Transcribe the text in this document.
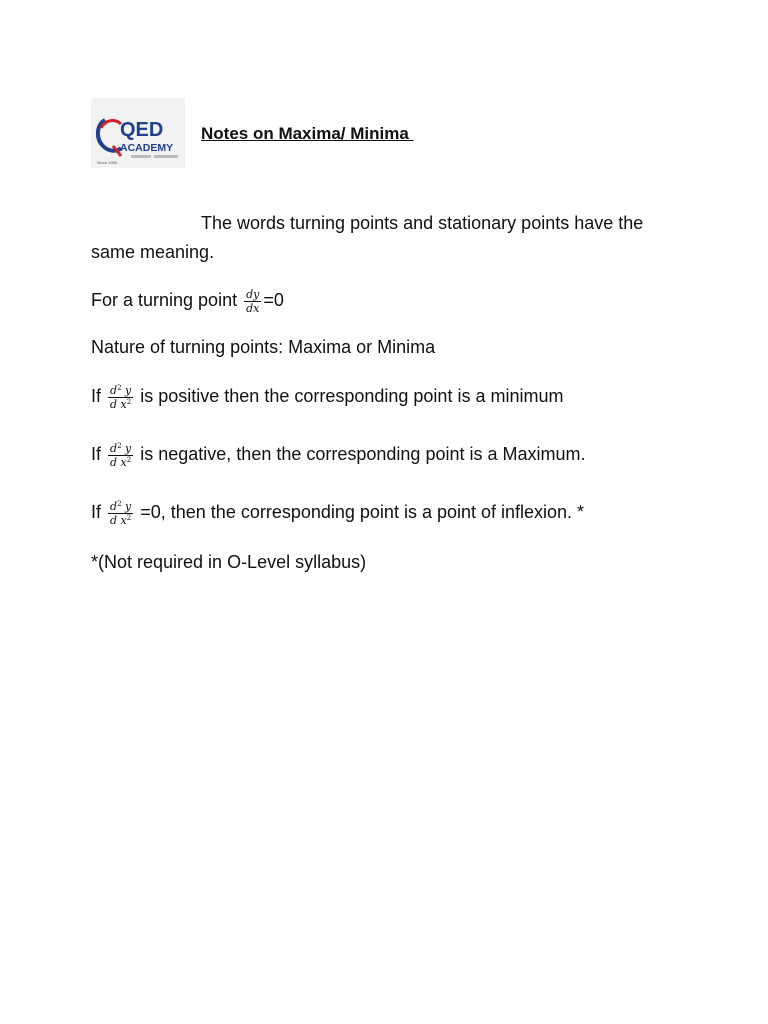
QED
ACADEMY
Since 1990
Notes on Maxima/ Minima
The words turning points and stationary points have the
same meaning.
For a turning point $\frac{dy}{dx} =0$
Nature of turning points: Maxima or Minima
If $\frac{d^2 y}{d x^2}$ is positive then the corresponding point is a minimum
If $\frac{d^2 y}{d x^2}$ is negative, then the corresponding point is a Maximum.
If $\frac{d^2 y}{d x^2} =0$, then the corresponding point is a point of inflexion. *
*(Not required in O-Level syllabus)
